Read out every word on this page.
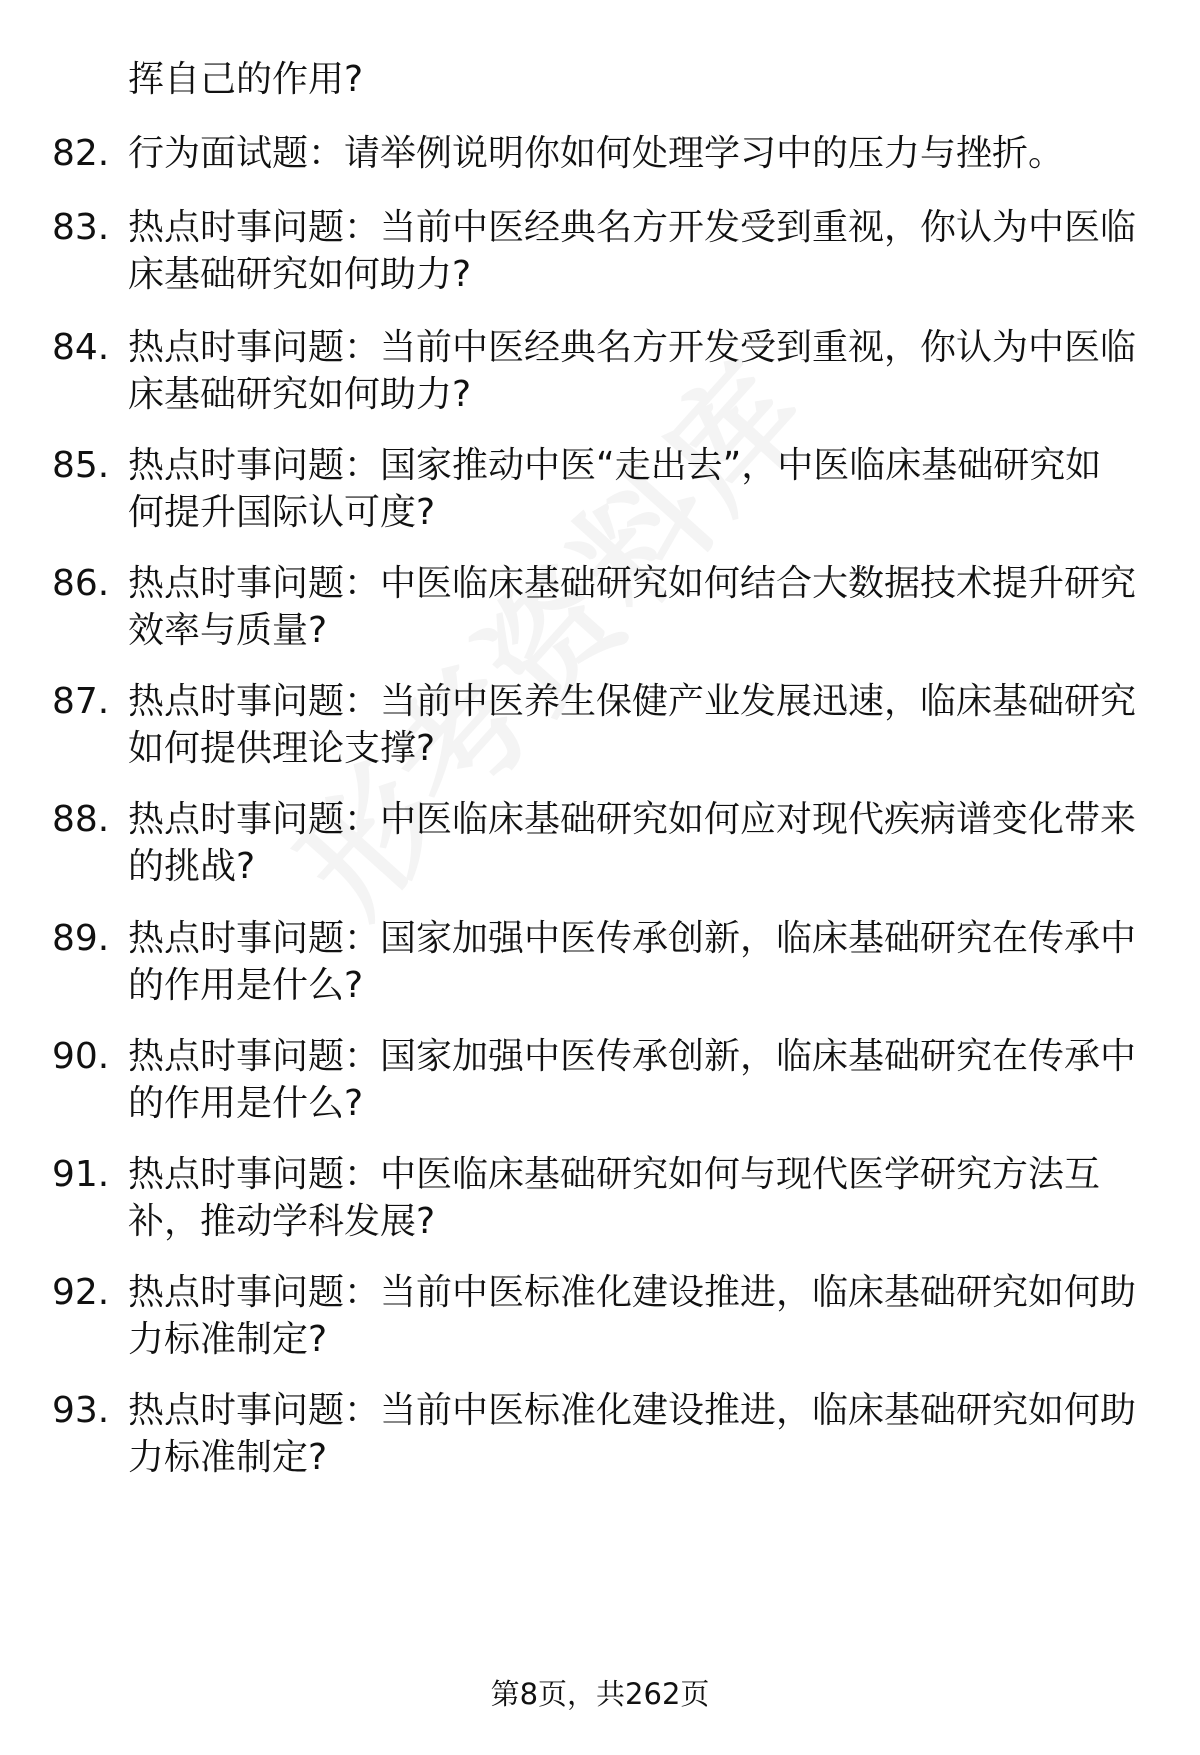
挥自己的作用?
82. 行为面试题：请举例说明你如何处理学习中的压力与挫折。
83. 热点时事问题：当前中医经典名方开发受到重视，你认为中医临
床基础研究如何助力?
84. 热点时事问题：当前中医经典名方开发受到重视，你认为中医临
床基础研究如何助力?
85. 热点时事问题：国家推动中医“走出去”，中医临床基础研究如
何提升国际认可度?
86. 热点时事问题：中医临床基础研究如何结合大数据技术提升研究
效率与质量?
87. 热点时事问题：当前中医养生保健产业发展迅速，临床基础研究
如何提供理论支撑?
88. 热点时事问题：中医临床基础研究如何应对现代疾病谱变化带来
的挑战?
89. 热点时事问题：国家加强中医传承创新，临床基础研究在传承中
的作用是什么?
90. 热点时事问题：国家加强中医传承创新，临床基础研究在传承中
的作用是什么?
91. 热点时事问题：中医临床基础研究如何与现代医学研究方法互
补，推动学科发展?
92. 热点时事问题：当前中医标准化建设推进，临床基础研究如何助
力标准制定?
93. 热点时事问题：当前中医标准化建设推进，临床基础研究如何助
力标准制定?
第8页，共262页
